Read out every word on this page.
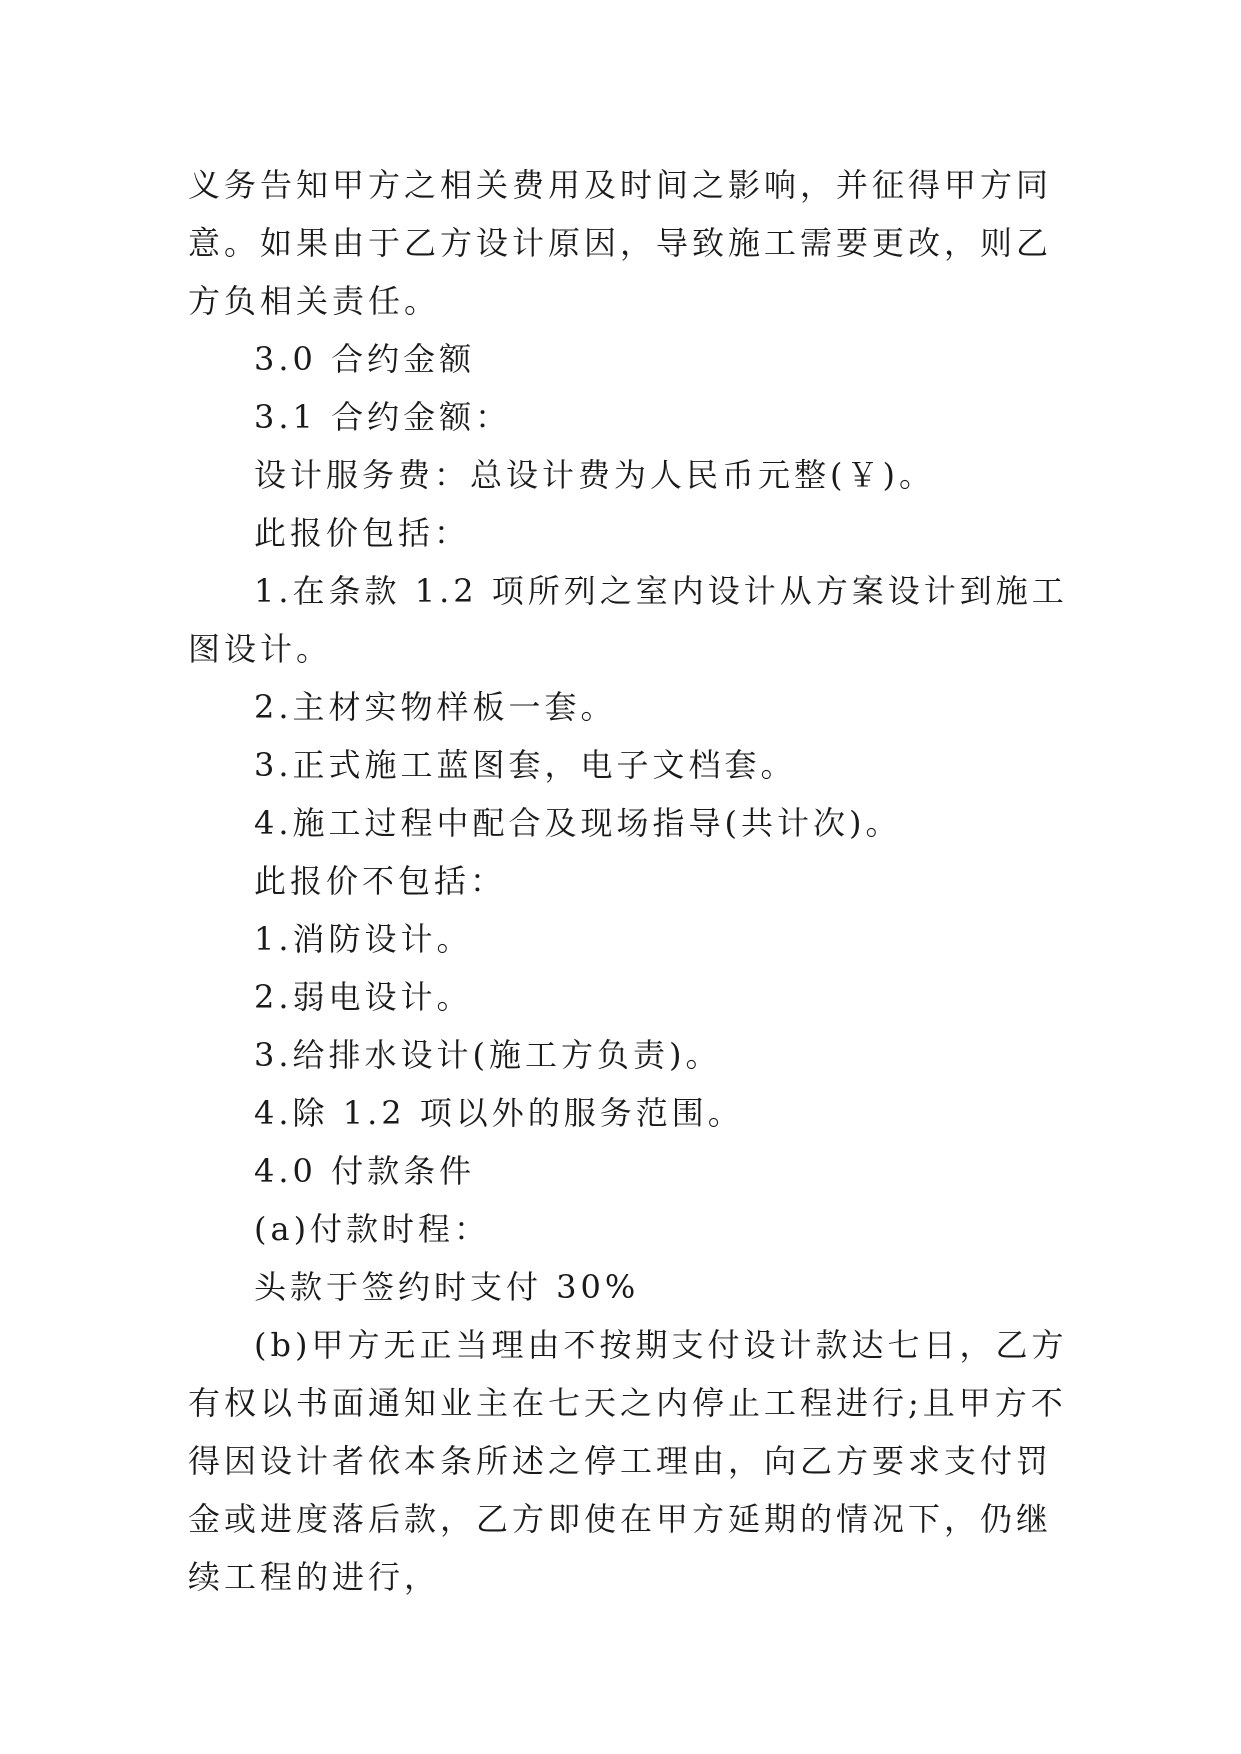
义务告知甲方之相关费用及时间之影响，并征得甲方同意。如果由于乙方设计原因，导致施工需要更改，则乙方负相关责任。

3.0 合约金额

3.1 合约金额：

设计服务费：总设计费为人民币元整(￥)。

此报价包括：

1.在条款 1.2 项所列之室内设计从方案设计到施工图设计。

2.主材实物样板一套。

3.正式施工蓝图套，电子文档套。

4.施工过程中配合及现场指导(共计次)。

此报价不包括：

1.消防设计。

2.弱电设计。

3.给排水设计(施工方负责)。

4.除 1.2 项以外的服务范围。

4.0 付款条件

(a)付款时程：

头款于签约时支付 30%

(b)甲方无正当理由不按期支付设计款达七日，乙方有权以书面通知业主在七天之内停止工程进行;且甲方不得因设计者依本条所述之停工理由，向乙方要求支付罚金或进度落后款，乙方即使在甲方延期的情况下，仍继续工程的进行，
